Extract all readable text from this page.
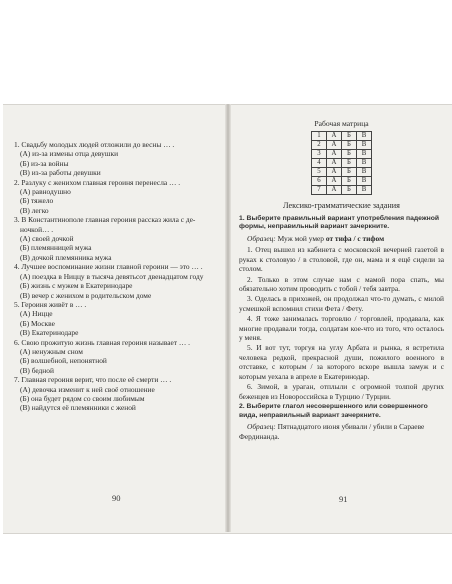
1. Свадьбу молодых людей отложили до весны … .

(А) из-за измены отца девушки

(Б) из-за войны

(В) из-за работы девушки

2. Разлуку с женихом главная героиня перенесла … .

(А) равнодушно

(Б) тяжело

(В) легко

3. В Константинополе главная героиня рассказ жила с деночкой… .

(А) своей дочкой

(Б) племянницей мужа

(В) дочкой племянника мужа

4. Лучшее воспоминание жизни главной героини — это … .

(А) поездка в Ниццу в тысяча девятьсот двенадцатом году

(Б) жизнь с мужем в Екатеринодаре

(В) вечер с женихом в родительском доме

5. Героиня живёт в … .

(А) Ницце

(Б) Москве

(В) Екатеринодаре

6. Свою прожитую жизнь главная героиня называет … .

(А) ненужным сном

(Б) волшебной, непонятной

(В) бедной

7. Главная героиня верит, что после её смерти … .

(А) девочка изменит к ней своё отношение

(Б) она будет рядом со своим любимым

(В) найдутся её племянники с женой

90

Рабочая матрица

1	А	Б	В
2	А	Б	В
3	А	Б	В
4	А	Б	В
5	А	Б	В
6	А	Б	В
7	А	Б	В

Лексико-грамматические задания

1. Выберите правильный вариант употребления падежной формы, неправильный вариант зачеркните.

Образец: Муж мой умер от тифа / с тифом

1. Отец вышел из кабинета с московской вечерней газетой в руках к столовую / в столовой, где он, мама и я ещё сидели за столом.

2. Только в этом случае нам с мамой пора спать, мы обязательно хотим проводить с тобой / тебя завтра.

3. Оделась в прихожей, он продолжал что-то думать, с милой усмешкой вспомнил стихи Фета / Фету.

4. Я тоже занималась торговлю / торговлей, продавала, как многие продавали тогда, солдатам кое-что из того, что осталось у меня.

5. И вот тут, торгуя на углу Арбата и рынка, я встретила человека редкой, прекрасной души, пожилого военного в отставке, с которым / за которого вскоре вышла замуж и с которым уехала в апреле в Екатеринодар.

6. Зимой, в ураган, отплыли с огромной толпой других беженцев из Новороссийска в Турцию / Турции.

2. Выберите глагол несовершенного или совершенного вида, неправильный вариант зачеркните.

Образец: Пятнадцатого июня убивали / убили в Сараеве Фердинанда.

91
